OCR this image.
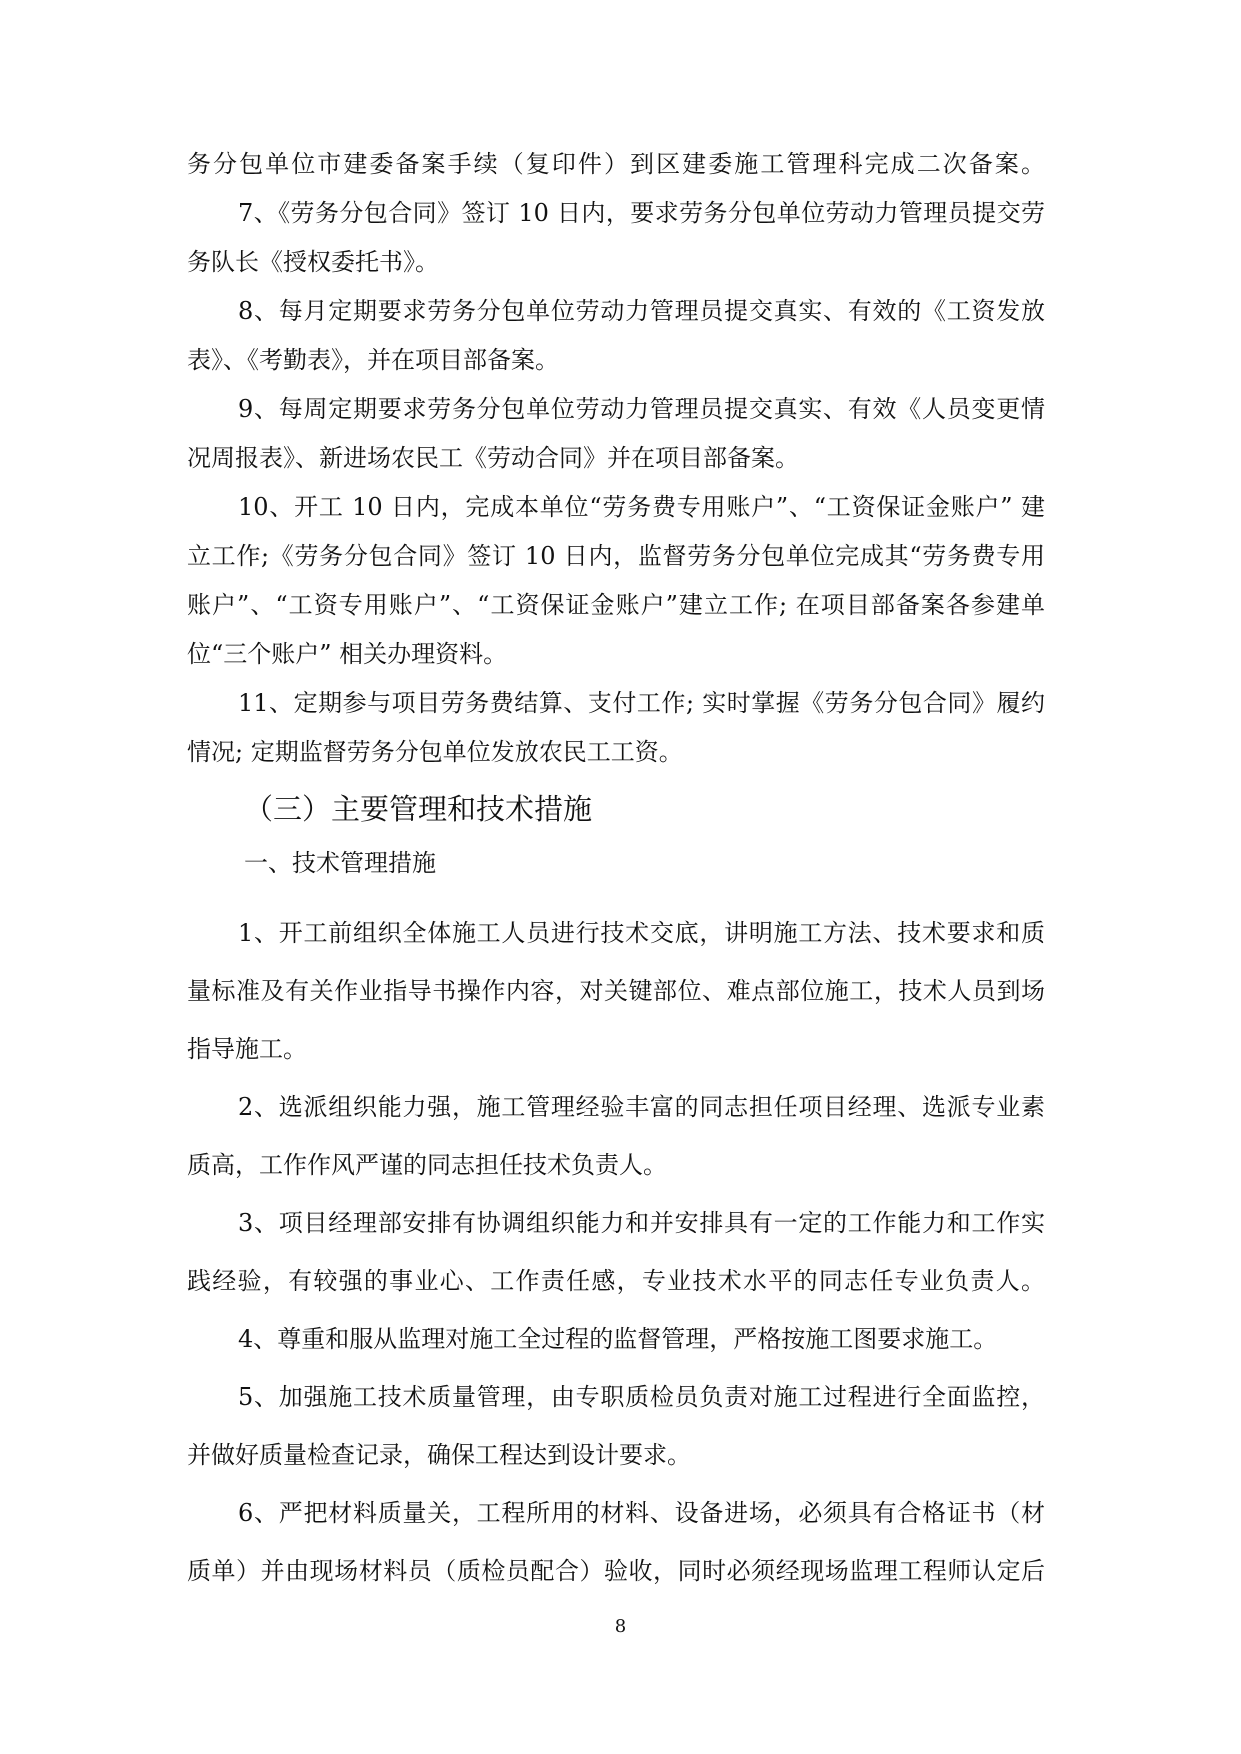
务分包单位市建委备案手续（复印件）到区建委施工管理科完成二次备案。
7、《劳务分包合同》签订 10 日内，要求劳务分包单位劳动力管理员提交劳
务队长《授权委托书》。
8、每月定期要求劳务分包单位劳动力管理员提交真实、有效的《工资发放
表》、《考勤表》，并在项目部备案。
9、每周定期要求劳务分包单位劳动力管理员提交真实、有效《人员变更情
况周报表》、新进场农民工《劳动合同》并在项目部备案。
10、开工 10 日内，完成本单位“劳务费专用账户”、“工资保证金账户” 建
立工作;《劳务分包合同》签订 10 日内，监督劳务分包单位完成其“劳务费专用
账户”、“工资专用账户”、“工资保证金账户”建立工作; 在项目部备案各参建单
位“三个账户” 相关办理资料。
11、定期参与项目劳务费结算、支付工作; 实时掌握《劳务分包合同》履约
情况; 定期监督劳务分包单位发放农民工工资。
（三）主要管理和技术措施
一、技术管理措施
1、开工前组织全体施工人员进行技术交底，讲明施工方法、技术要求和质
量标准及有关作业指导书操作内容，对关键部位、难点部位施工，技术人员到场
指导施工。
2、选派组织能力强，施工管理经验丰富的同志担任项目经理、选派专业素
质高，工作作风严谨的同志担任技术负责人。
3、项目经理部安排有协调组织能力和并安排具有一定的工作能力和工作实
践经验，有较强的事业心、工作责任感，专业技术水平的同志任专业负责人。
4、尊重和服从监理对施工全过程的监督管理，严格按施工图要求施工。
5、加强施工技术质量管理，由专职质检员负责对施工过程进行全面监控，
并做好质量检查记录，确保工程达到设计要求。
6、严把材料质量关，工程所用的材料、设备进场，必须具有合格证书（材
质单）并由现场材料员（质检员配合）验收，同时必须经现场监理工程师认定后
8
